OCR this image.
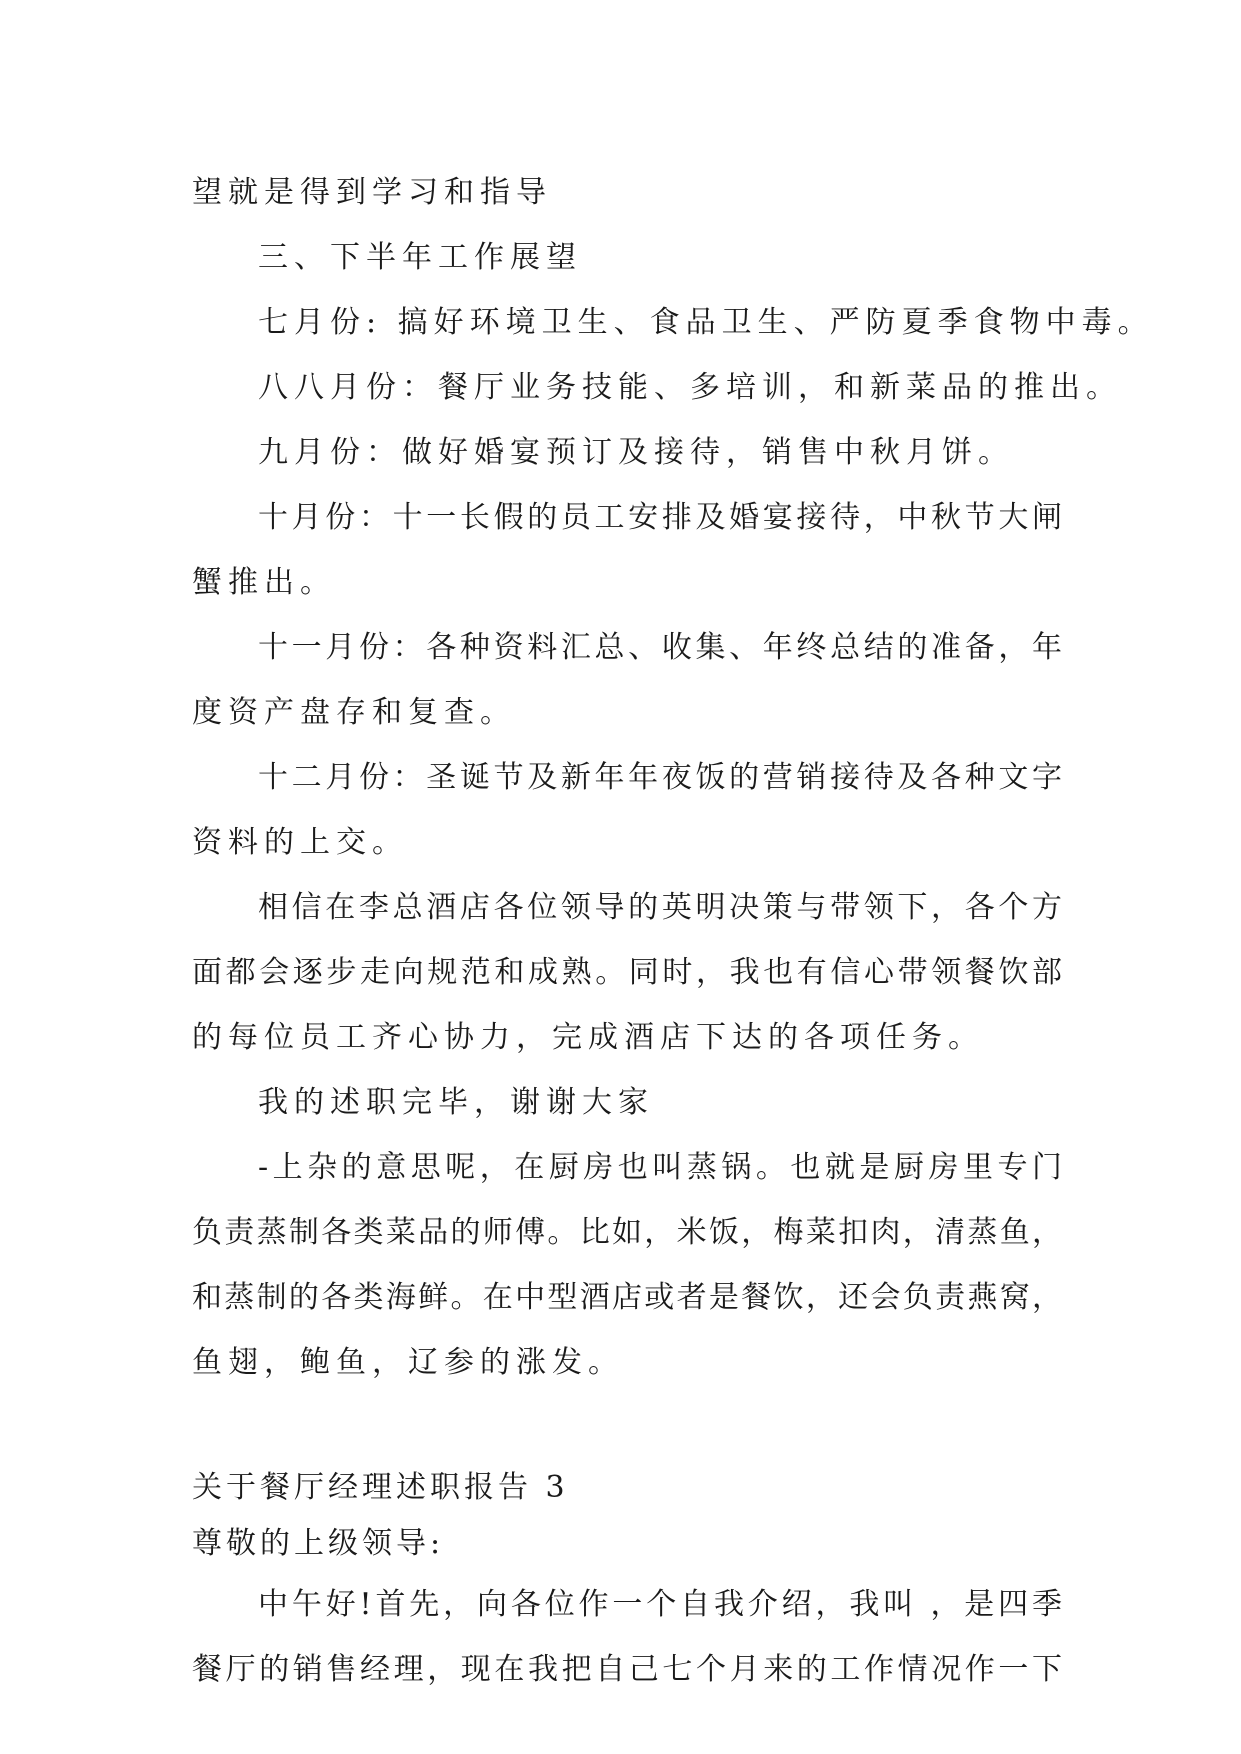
望就是得到学习和指导
三、下半年工作展望
七月份: 搞好环境卫生、食品卫生、严防夏季食物中毒。
八八月份：餐厅业务技能、多培训，和新菜品的推出。
九月份：做好婚宴预订及接待，销售中秋月饼。
十月份：十一长假的员工安排及婚宴接待，中秋节大闸
蟹推出。
十一月份：各种资料汇总、收集、年终总结的准备，年
度资产盘存和复查。
十二月份：圣诞节及新年年夜饭的营销接待及各种文字
资料的上交。
相信在李总酒店各位领导的英明决策与带领下，各个方
面都会逐步走向规范和成熟。同时，我也有信心带领餐饮部
的每位员工齐心协力，完成酒店下达的各项任务。
我的述职完毕，谢谢大家
-上杂的意思呢，在厨房也叫蒸锅。也就是厨房里专门
负责蒸制各类菜品的师傅。比如，米饭，梅菜扣肉，清蒸鱼，
和蒸制的各类海鲜。在中型酒店或者是餐饮，还会负责燕窝，
鱼翅，鲍鱼，辽参的涨发。
关于餐厅经理述职报告 3
尊敬的上级领导:
中午好!首先，向各位作一个自我介绍，我叫 ，是四季
餐厅的销售经理，现在我把自己七个月来的工作情况作一下
